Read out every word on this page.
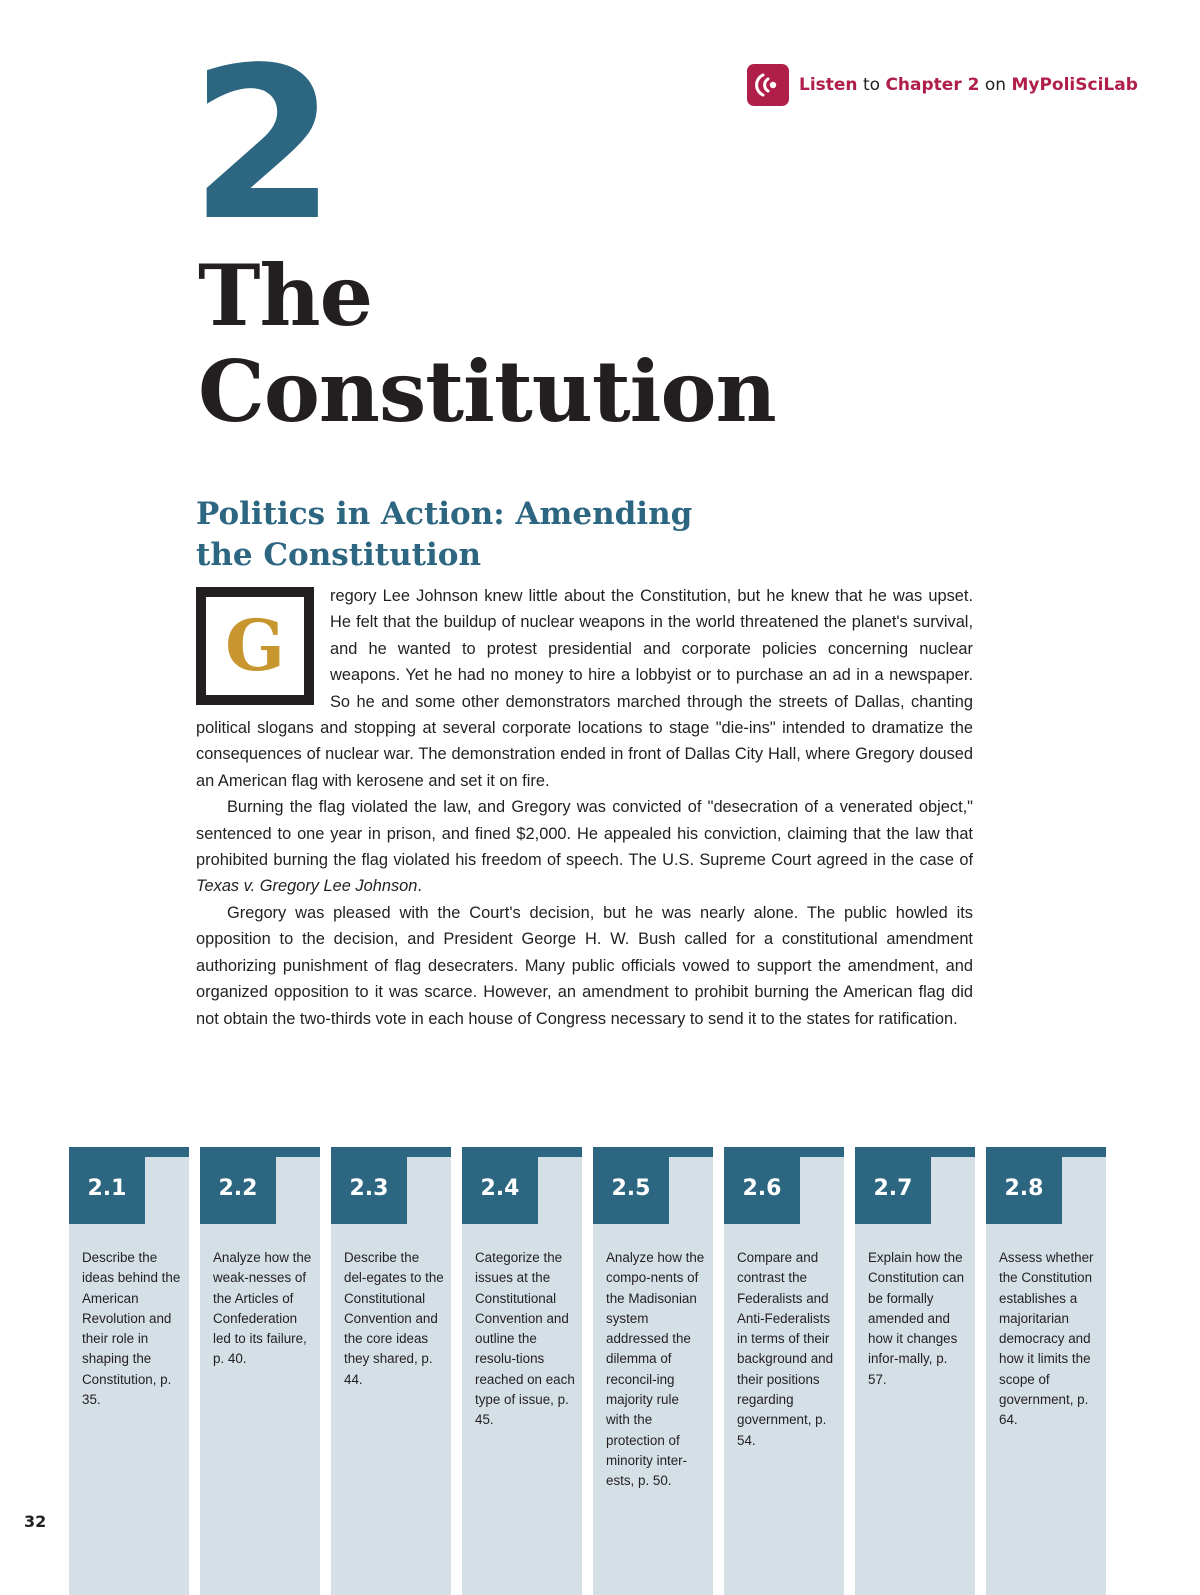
Listen to Chapter 2 on MyPoliSciLab
2
The
Constitution
Politics in Action: Amending
the Constitution
G

regory Lee Johnson knew little about the Constitution, but he knew that he was upset. He felt that the buildup of nuclear weapons in the world threatened the planet's survival, and he wanted to protest presidential and corporate policies concerning nuclear weapons. Yet he had no money to hire a lobbyist or to purchase an ad in a newspaper. So he and some other demonstrators marched through the streets of Dallas, chanting political slogans and stopping at several corporate locations to stage "die-ins" intended to dramatize the consequences of nuclear war. The demonstration ended in front of Dallas City Hall, where Gregory doused an American flag with kerosene and set it on fire.

Burning the flag violated the law, and Gregory was convicted of "desecration of a venerated object," sentenced to one year in prison, and fined $2,000. He appealed his conviction, claiming that the law that prohibited burning the flag violated his freedom of speech. The U.S. Supreme Court agreed in the case of Texas v. Gregory Lee Johnson.

Gregory was pleased with the Court's decision, but he was nearly alone. The public howled its opposition to the decision, and President George H. W. Bush called for a constitutional amendment authorizing punishment of flag desecraters. Many public officials vowed to support the amendment, and organized opposition to it was scarce. However, an amendment to prohibit burning the American flag did not obtain the two-thirds vote in each house of Congress necessary to send it to the states for ratification.

2.1
Describe the ideas behind the American Revolution and their role in shaping the Constitution, p. 35.
2.2
Analyze how the weak-nesses of the Articles of Confederation led to its failure, p. 40.
2.3
Describe the del-egates to the Constitutional Convention and the core ideas they shared, p. 44.
2.4
Categorize the issues at the Constitutional Convention and outline the resolu-tions reached on each type of issue, p. 45.
2.5
Analyze how the compo-nents of the Madisonian system addressed the dilemma of reconcil-ing majority rule with the protection of minority inter-ests, p. 50.
2.6
Compare and contrast the Federalists and Anti-Federalists in terms of their background and their positions regarding government, p. 54.
2.7
Explain how the Constitution can be formally amended and how it changes infor-mally, p. 57.
2.8
Assess whether the Constitution establishes a majoritarian democracy and how it limits the scope of government, p. 64.
32
